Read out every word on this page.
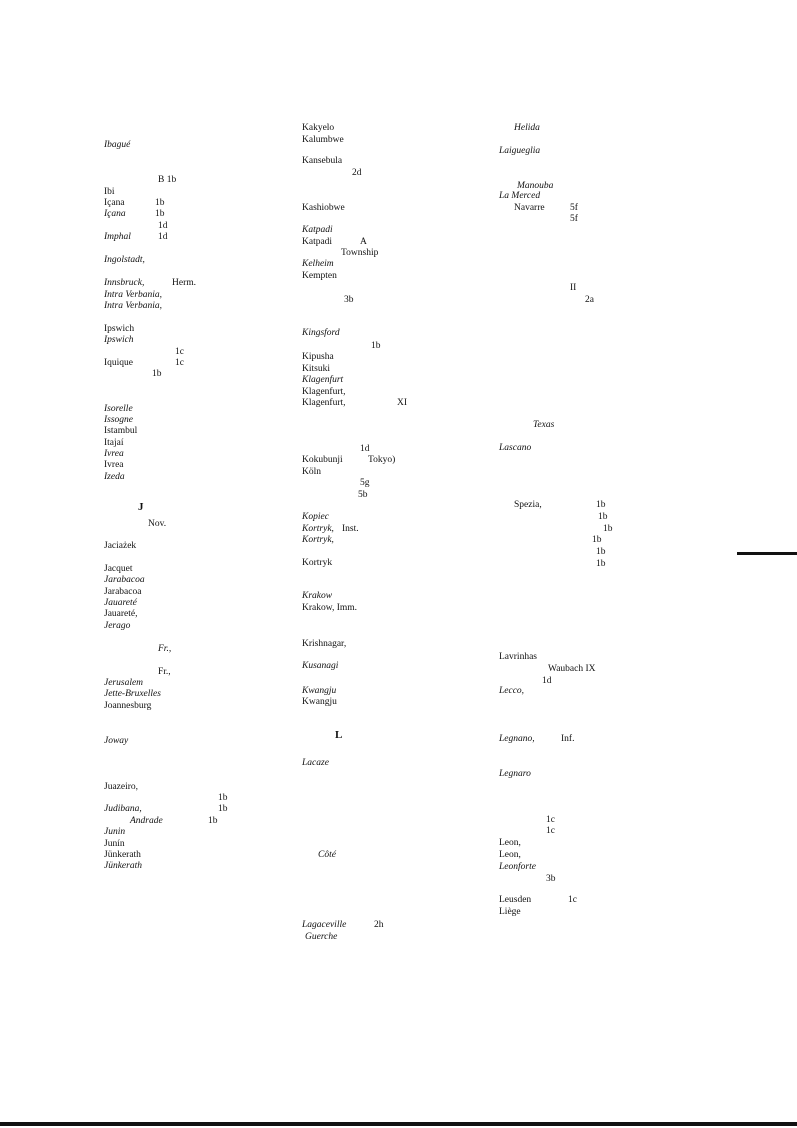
Ibagué
B 1b
Ibi
Içana	1b
Içana	1b
1d
Imphal	1d
Ingolstadt,
Innsbruck,	Herm.
Intra Verbania,
Intra Verbania,
Ipswich
Ipswich
1c
Iquique	1c
1b
Isorelle
Issogne
Istambul
Itajaí
Ivrea
Ivrea
Izeda
J
Nov.
Jaciażek
Jacquet
Jarabacoa
Jarabacoa
Jauareté
Jauareté,
Jerago
Fr.,
Fr.,
Jerusalem
Jette-Bruxelles
Joannesburg
Joway
Juazeiro,
1b
Judibana,	1b
Andrade	1b
Junin
Junín
Jünkerath
Jünkerath
Kakyelo
Kalumbwe
Kansebula
2d
Kashiobwe
Katpadi
Katpadi	A
Township
Kelheim
Kempten
3b
Kingsford
1b
Kipusha
Kitsuki
Klagenfurt
Klagenfurt,
Klagenfurt,	XI
1d
Kokubunji	Tokyo)
Köln
5g
5b
Kopiec
Kortryk, Inst.
Kortryk,
Kortryk
Krakow
Krakow, Imm.
Krishnagar,
Kusanagi
Kwangju
Kwangju
L
Lacaze
Côté
Lagaceville	2h
Guerche
Helida
Laigueglia
Manouba
La Merced
Navarre	5f
5f
II
2a
Texas
Lascano
Spezia,	1b
1b
1b
1b
1b
1b
Lavrinhas
Waubach IX
1d
Lecco,
Legnano,	Inf.
Legnaro
1c
1c
Leon,
Leon,
Leonforte
3b
Leusden	1c
Liège
